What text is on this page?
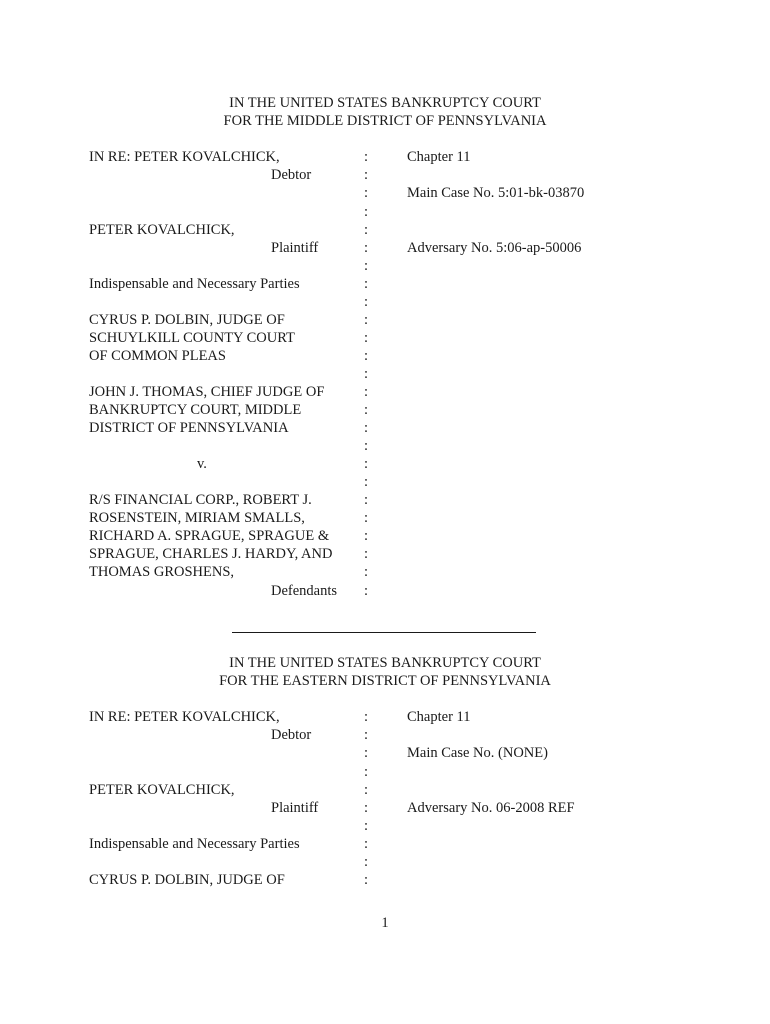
IN THE UNITED STATES BANKRUPTCY COURT
FOR THE MIDDLE DISTRICT OF PENNSYLVANIA
IN RE: PETER KOVALCHICK,
Debtor
PETER KOVALCHICK,
Plaintiff
Indispensable and Necessary Parties
CYRUS P. DOLBIN, JUDGE OF
SCHUYLKILL COUNTY COURT
OF COMMON PLEAS
JOHN J. THOMAS, CHIEF JUDGE OF
BANKRUPTCY COURT, MIDDLE
DISTRICT OF PENNSYLVANIA
v.
R/S FINANCIAL CORP., ROBERT J.
ROSENSTEIN, MIRIAM SMALLS,
RICHARD A. SPRAGUE, SPRAGUE &
SPRAGUE, CHARLES J. HARDY, AND
THOMAS GROSHENS,
Defendants
Chapter 11
Main Case No. 5:01-bk-03870
Adversary No. 5:06-ap-50006
:
:
:
:
:
:
:
:
:
:
:
:
:
:
:
:
:
:
:
:
:
:
:
:
:
IN THE UNITED STATES BANKRUPTCY COURT
FOR THE EASTERN DISTRICT OF PENNSYLVANIA
IN RE: PETER KOVALCHICK,
Debtor
PETER KOVALCHICK,
Plaintiff
Indispensable and Necessary Parties
CYRUS P. DOLBIN, JUDGE OF
Chapter 11
Main Case No. (NONE)
Adversary No. 06-2008 REF
:
:
:
:
:
:
:
:
:
:
1
